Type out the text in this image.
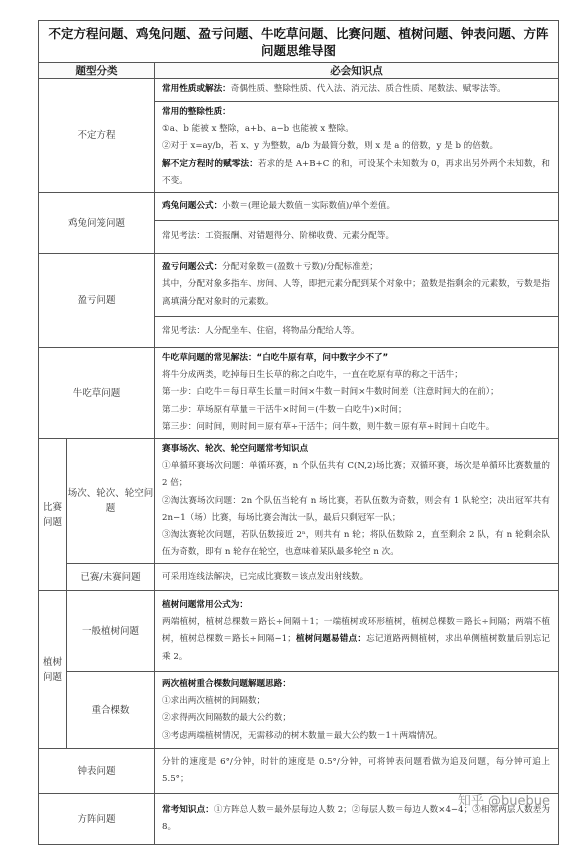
不定方程问题、鸡兔问题、盈亏问题、牛吃草问题、比赛问题、植树问题、钟表问题、方阵问题思维导图		
题型分类		必会知识点
不定方程		常用性质或解法：奇偶性质、整除性质、代入法、消元法、质合性质、尾数法、赋零法等。

		常用的整除性质：
①a、b 能被 x 整除，a+b、a−b 也能被 x 整除。
②对于 x=ay/b，若 x、y 为整数，a/b 为最简分数，则 x 是 a 的倍数，y 是 b 的倍数。
解不定方程时的赋零法：若求的是 A+B+C 的和，可设某个未知数为 0，再求出另外两个未知数，和不变。

鸡兔问笼问题		鸡兔问题公式：小数＝(理论最大数值－实际数值)/单个差值。
		常见考法：工资报酬、对错题得分、阶梯收费、元素分配等。
盈亏问题		盈亏问题公式：分配对象数＝(盈数＋亏数)/分配标准差；
其中，分配对象多指车、房间、人等，即把元素分配到某个对象中；盈数是指剩余的元素数，亏数是指离填满分配对象时的元素数。

		常见考法：人分配坐车、住宿，将物品分配给人等。
牛吃草问题		牛吃草问题的常见解法：“白吃牛原有草，问中数字少不了”
将牛分成两类，吃掉每日生长草的称之白吃牛，一直在吃原有草的称之干活牛；
第一步：白吃牛＝每日草生长量＝时间×牛数－时间×牛数时间差（注意时间大的在前）；
第二步：草场原有草量＝干活牛×时间＝(牛数－白吃牛)×时间；
第三步：问时间，则时间＝原有草÷干活牛；问牛数，则牛数＝原有草÷时间＋白吃牛。

比赛问题	场次、轮次、轮空问题	赛事场次、轮次、轮空问题常考知识点
①单循环赛场次问题：单循环赛，n 个队伍共有 C(N,2)场比赛；双循环赛，场次是单循环比赛数量的 2 倍；
②淘汰赛场次问题：2n 个队伍当轮有 n 场比赛，若队伍数为奇数，则会有 1 队轮空；决出冠军共有 2n−1（场）比赛，每场比赛会淘汰一队，最后只剩冠军一队；
③淘汰赛轮次问题，若队伍数接近 2ⁿ，则共有 n 轮；将队伍数除 2，直至剩余 2 队，有 n 轮剩余队伍为奇数，即有 n 轮存在轮空，也意味着某队最多轮空 n 次。

	已赛/未赛问题	可采用连线法解决，已完成比赛数＝该点发出射线数。
植树问题	一般植树问题	植树问题常用公式为：
两端植树，植树总棵数＝路长÷间隔＋1；一端植树或环形植树，植树总棵数＝路长÷间隔；两端不植树，植树总棵数＝路长÷间隔−1；植树问题易错点：忘记道路两侧植树，求出单侧植树数量后别忘记乘 2。

	重合棵数	两次植树重合棵数问题解题思路：
①求出两次植树的间隔数；
②求得两次间隔数的最大公约数；
③考虑两端植树情况，无需移动的树木数量＝最大公约数－1＋两端情况。

钟表问题		分针的速度是 6°/分钟，时针的速度是 0.5°/分钟，可将钟表问题看做为追及问题，每分钟可追上 5.5°；
方阵问题		常考知识点：①方阵总人数＝最外层每边人数 2；②每层人数＝每边人数×4−4；③相邻两层人数差为 8。	知乎 @buebue
